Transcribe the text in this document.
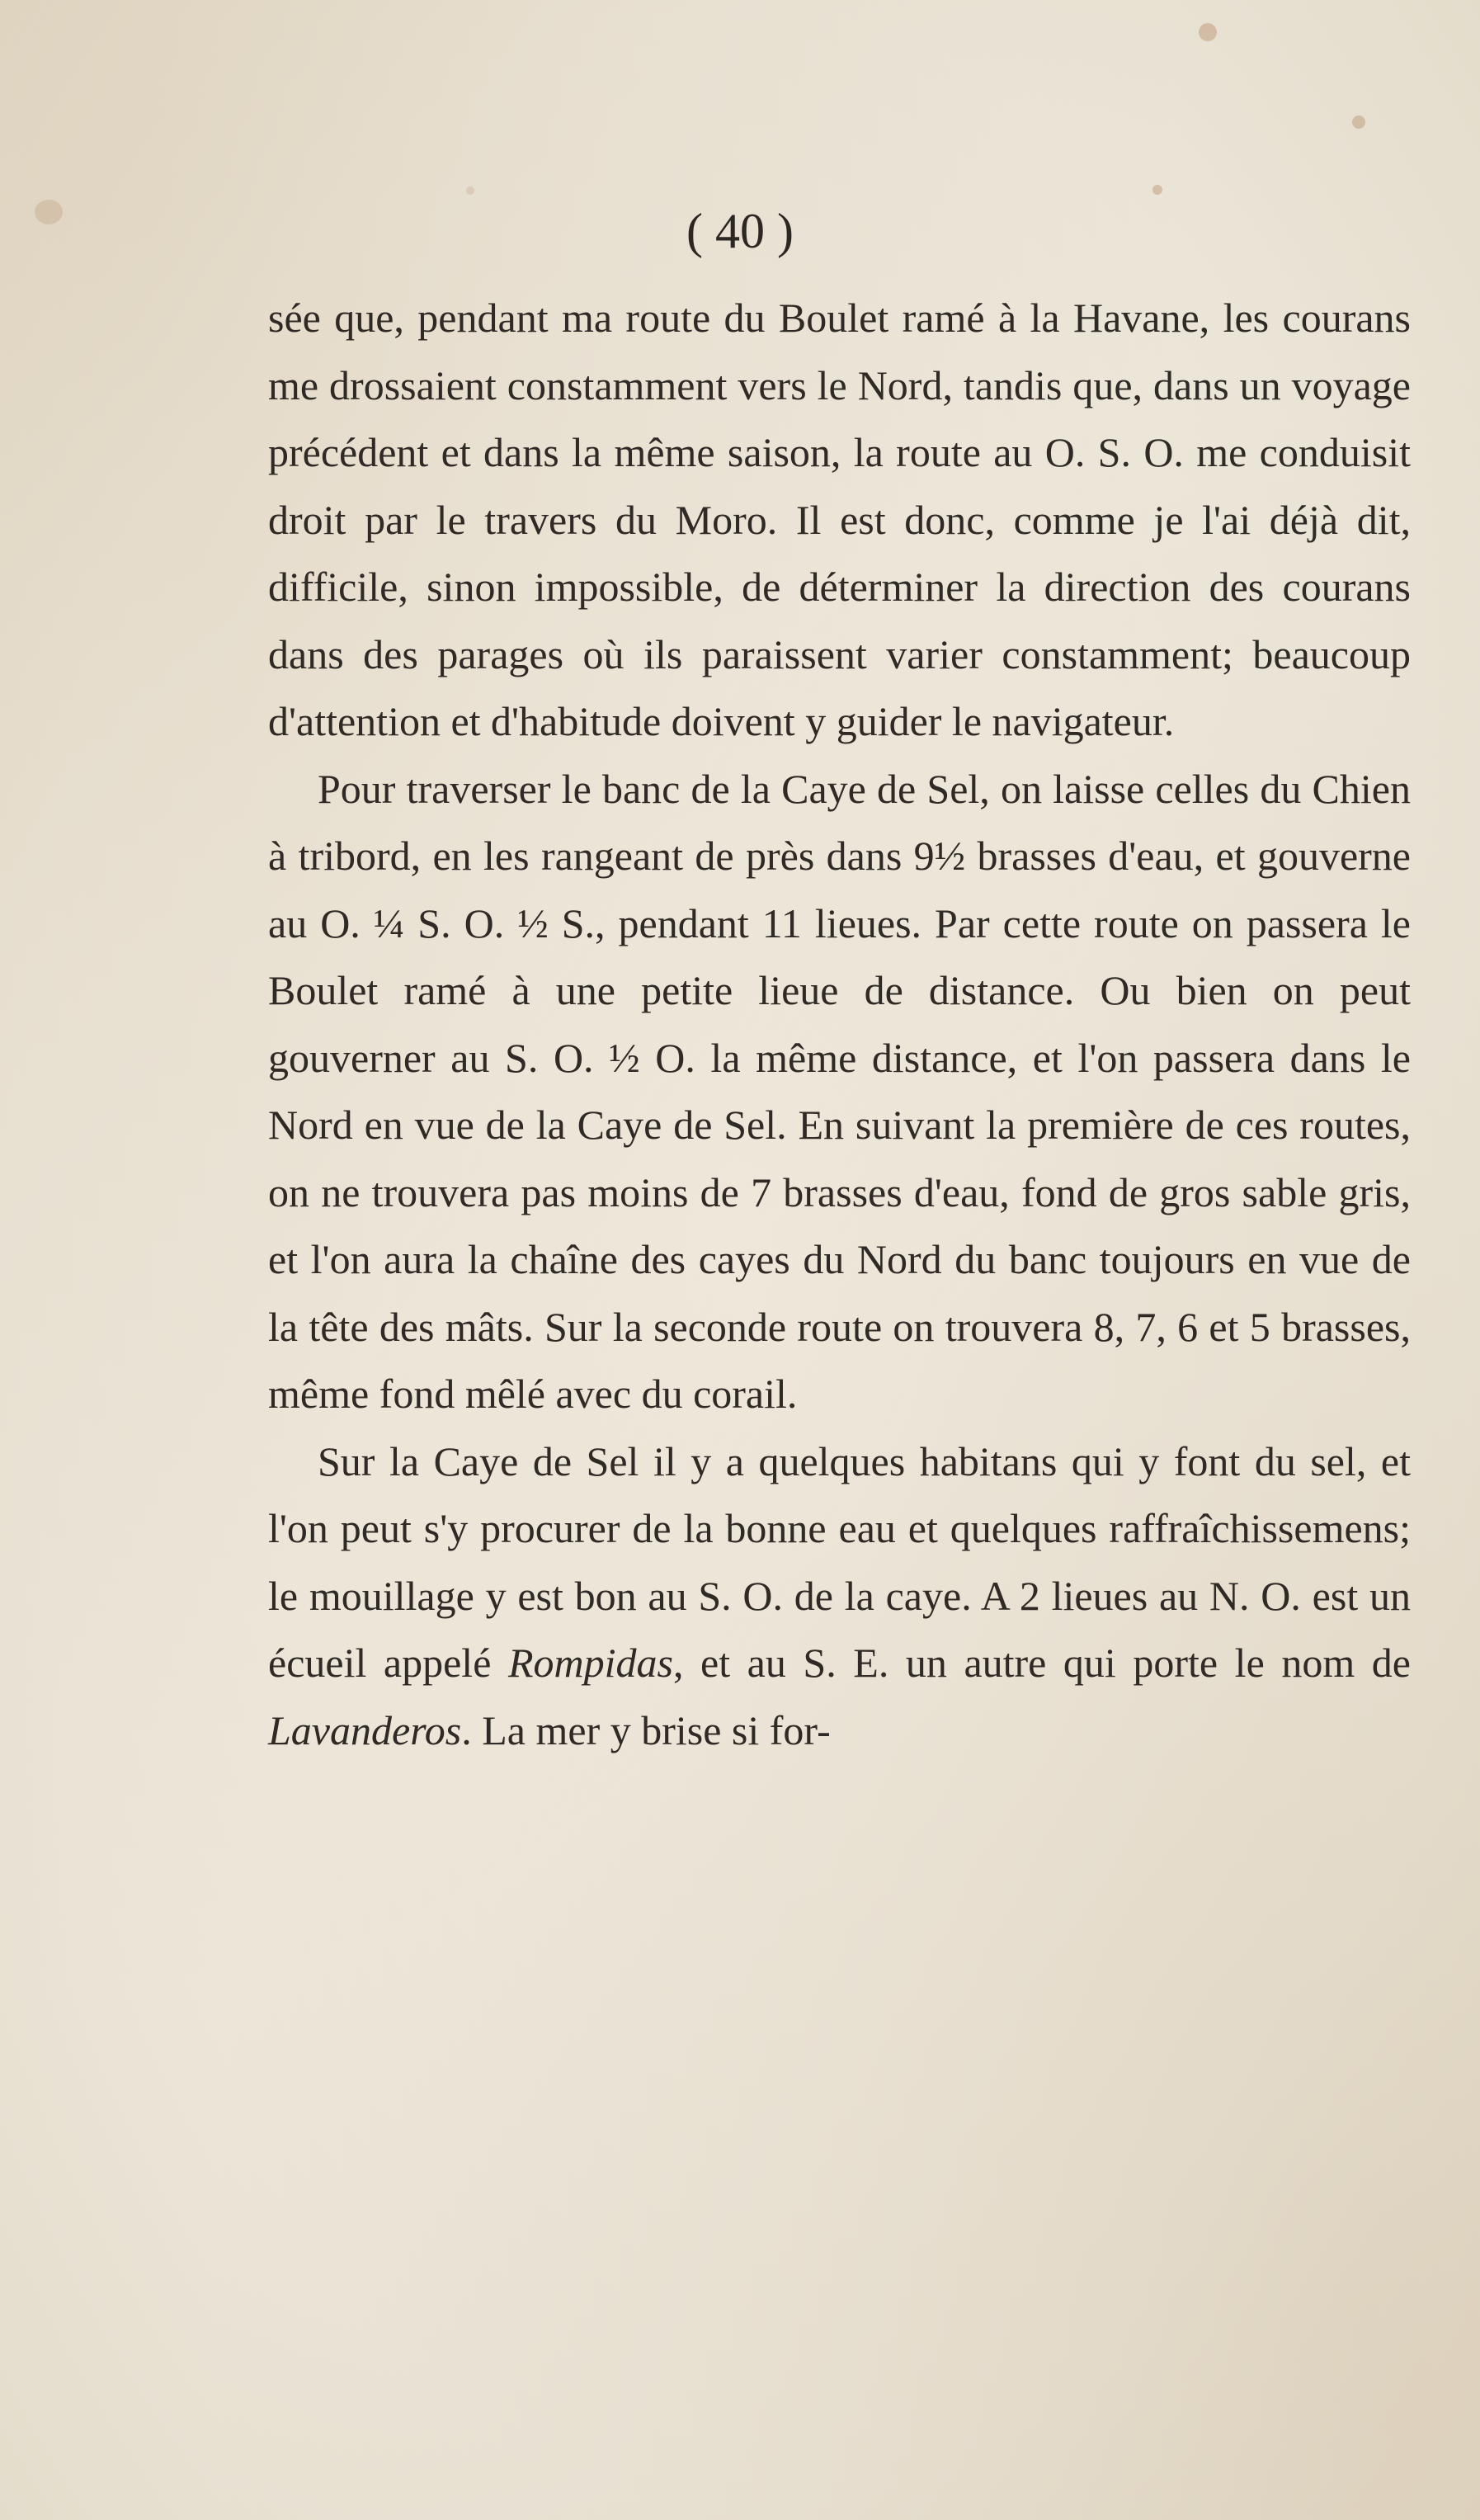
( 40 )

sée que, pendant ma route du Boulet ramé à la Havane, les courans me drossaient constamment vers le Nord, tandis que, dans un voyage précédent et dans la même saison, la route au O. S. O. me conduisit droit par le travers du Moro. Il est donc, comme je l'ai déjà dit, difficile, sinon impossible, de déterminer la direction des courans dans des parages où ils paraissent varier constamment; beaucoup d'attention et d'habitude doivent y guider le navigateur.

Pour traverser le banc de la Caye de Sel, on laisse celles du Chien à tribord, en les rangeant de près dans 9½ brasses d'eau, et gouverne au O. ¼ S. O. ½ S., pendant 11 lieues. Par cette route on passera le Boulet ramé à une petite lieue de distance. Ou bien on peut gouverner au S. O. ½ O. la même distance, et l'on passera dans le Nord en vue de la Caye de Sel. En suivant la première de ces routes, on ne trouvera pas moins de 7 brasses d'eau, fond de gros sable gris, et l'on aura la chaîne des cayes du Nord du banc toujours en vue de la tête des mâts. Sur la seconde route on trouvera 8, 7, 6 et 5 brasses, même fond mêlé avec du corail.

Sur la Caye de Sel il y a quelques habitans qui y font du sel, et l'on peut s'y procurer de la bonne eau et quelques raffraîchissemens; le mouillage y est bon au S. O. de la caye. A 2 lieues au N. O. est un écueil appelé Rompidas, et au S. E. un autre qui porte le nom de Lavanderos. La mer y brise si for-
